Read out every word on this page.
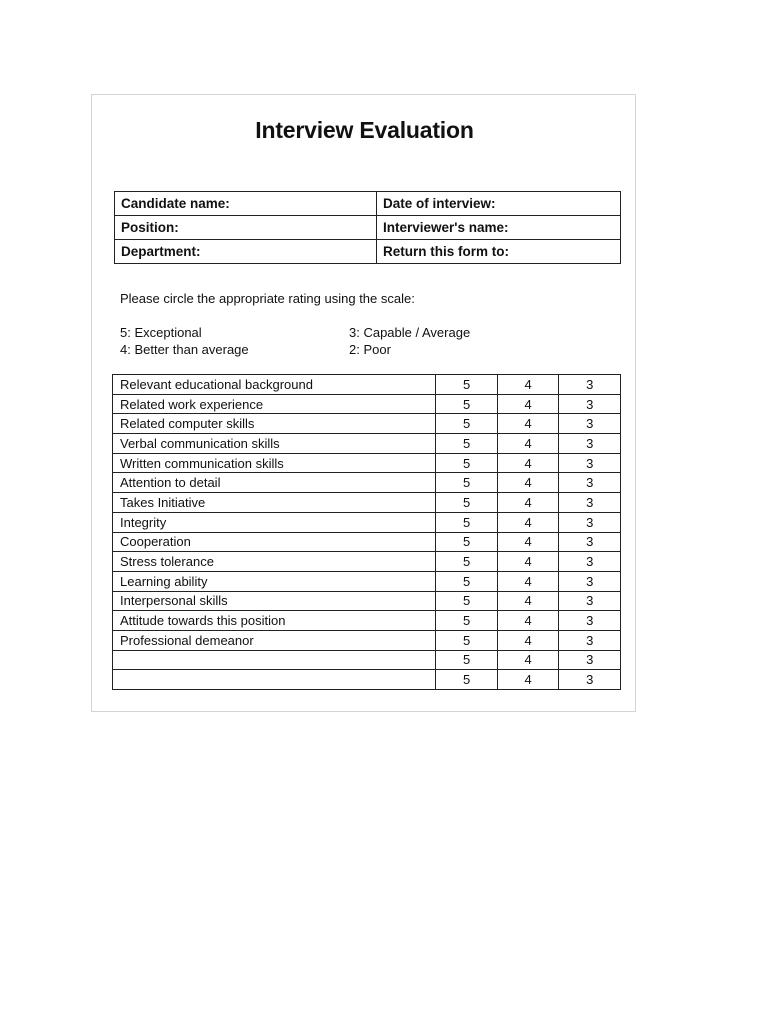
Interview Evaluation
Candidate name:	Date of interview:
Position:	Interviewer's name:
Department:	Return this form to:
Please circle the appropriate rating using the scale:
5: Exceptional
4: Better than average
3: Capable / Average
2: Poor
Relevant educational background	5	4	3
Related work experience	5	4	3
Related computer skills	5	4	3
Verbal communication skills	5	4	3
Written communication skills	5	4	3
Attention to detail	5	4	3
Takes Initiative	5	4	3
Integrity	5	4	3
Cooperation	5	4	3
Stress tolerance	5	4	3
Learning ability	5	4	3
Interpersonal skills	5	4	3
Attitude towards this position	5	4	3
Professional demeanor	5	4	3
	5	4	3
	5	4	3
